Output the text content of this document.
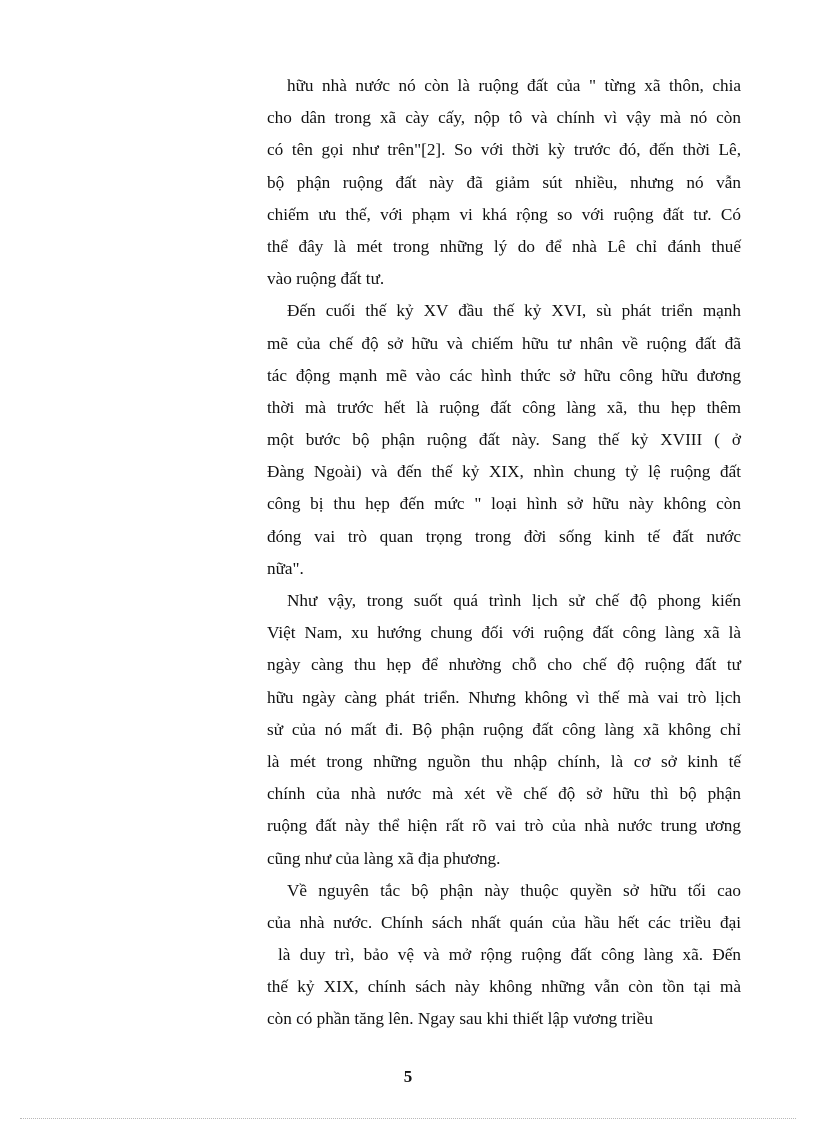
hữu nhà nước nó còn là ruộng đất của " từng xã thôn, chia
cho dân trong xã cày cấy, nộp tô và chính vì vậy mà nó còn
có tên gọi như trên"[2]. So với thời kỳ trước đó, đến thời Lê,
bộ phận ruộng đất này đã giảm sút nhiều, nhưng nó vẫn
chiếm ưu thế, với phạm vi khá rộng so với ruộng đất tư. Có
thể đây là mét trong những lý do để nhà Lê chỉ đánh thuế
vào ruộng đất tư.
Đến cuối thế kỷ XV đầu thế kỷ XVI, sù phát triển mạnh
mẽ của chế độ sở hữu và chiếm hữu tư nhân về ruộng đất đã
tác động mạnh mẽ vào các hình thức sở hữu công hữu đương
thời mà trước hết là ruộng đất công làng xã, thu hẹp thêm
một bước bộ phận ruộng đất này. Sang thế kỷ XVIII ( ở
Đàng Ngoài) và đến thế kỷ XIX, nhìn chung tỷ lệ ruộng đất
công bị thu hẹp đến mức " loại hình sở hữu này không còn
đóng vai trò quan trọng trong đời sống kinh tế đất nước
nữa".
Như vậy, trong suốt quá trình lịch sử chế độ phong kiến
Việt Nam, xu hướng chung đối với ruộng đất công làng xã là
ngày càng thu hẹp để nhường chỗ cho chế độ ruộng đất tư
hữu ngày càng phát triển. Nhưng không vì thế mà vai trò lịch
sử của nó mất đi. Bộ phận ruộng đất công làng xã không chỉ
là mét trong những nguồn thu nhập chính, là cơ sở kinh tế
chính của nhà nước mà xét về chế độ sở hữu thì bộ phận
ruộng đất này thể hiện rất rõ vai trò của nhà nước trung ương
cũng như của làng xã địa phương.
Về nguyên tắc bộ phận này thuộc quyền sở hữu tối cao
của nhà nước. Chính sách nhất quán của hầu hết các triều đại
là duy trì, bảo vệ và mở rộng ruộng đất công làng xã. Đến
thế kỷ XIX, chính sách này không những vẫn còn tồn tại mà
còn có phần tăng lên. Ngay sau khi thiết lập vương triều
5
